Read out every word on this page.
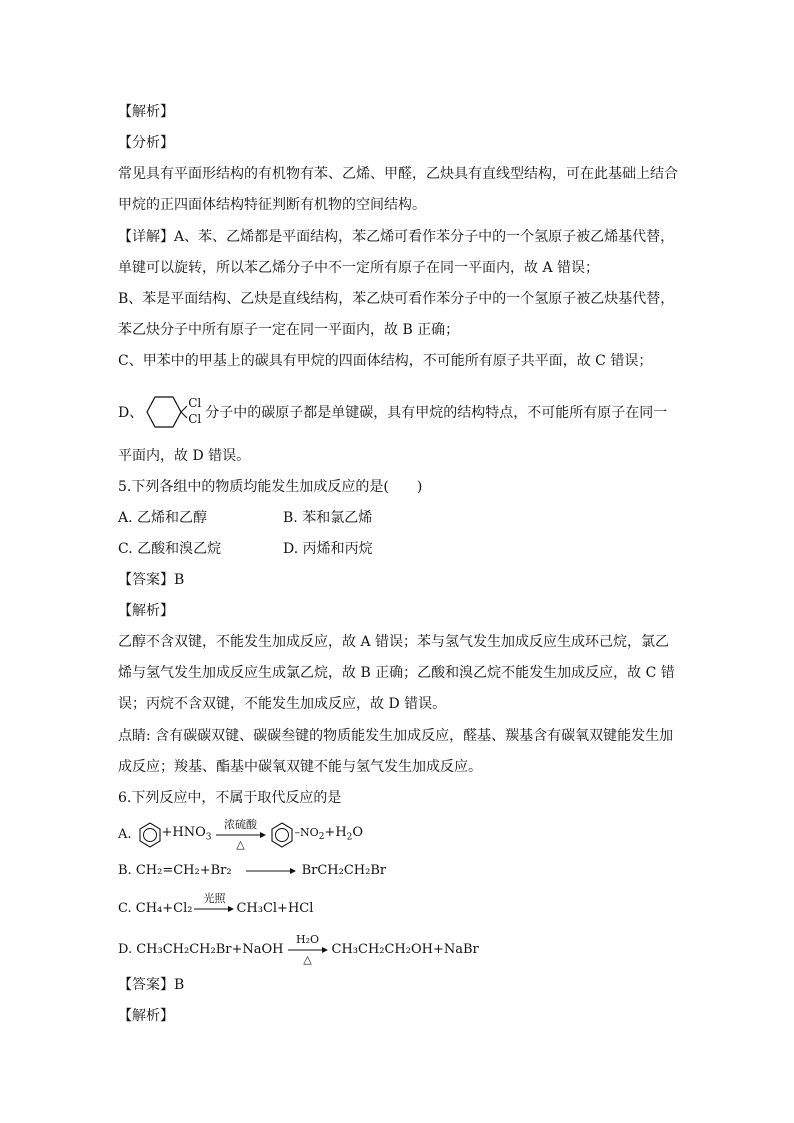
【解析】
【分析】
常见具有平面形结构的有机物有苯、乙烯、甲醛，乙炔具有直线型结构，可在此基础上结合
甲烷的正四面体结构特征判断有机物的空间结构。
【详解】A、苯、乙烯都是平面结构，苯乙烯可看作苯分子中的一个氢原子被乙烯基代替，
单键可以旋转，所以苯乙烯分子中不一定所有原子在同一平面内，故 A 错误；
B、苯是平面结构、乙炔是直线结构，苯乙炔可看作苯分子中的一个氢原子被乙炔基代替，
苯乙炔分子中所有原子一定在同一平面内，故 B 正确；
C、甲苯中的甲基上的碳具有甲烷的四面体结构，不可能所有原子共平面，故 C 错误；
D、
Cl
Cl 分子中的碳原子都是单键碳，具有甲烷的结构特点，不可能所有原子在同一
平面内，故 D 错误。
5.下列各组中的物质均能发生加成反应的是(　　)
A. 乙烯和乙醇	B. 苯和氯乙烯
C. 乙酸和溴乙烷	D. 丙烯和丙烷
【答案】B
【解析】
乙醇不含双键，不能发生加成反应，故 A 错误；苯与氢气发生加成反应生成环己烷，氯乙
烯与氢气发生加成反应生成氯乙烷，故 B 正确；乙酸和溴乙烷不能发生加成反应，故 C 错
误；丙烷不含双键，不能发生加成反应，故 D 错误。
点睛: 含有碳碳双键、碳碳叁键的物质能发生加成反应，醛基、羰基含有碳氧双键能发生加
成反应；羧基、酯基中碳氧双键不能与氢气发生加成反应。
6.下列反应中，不属于取代反应的是
A. $+HNO_3$
浓硫酸
△
$-NO_2 +H_2O$
B. CH₂=CH₂+Br₂	BrCH₂CH₂Br
C. CH₄+Cl₂
光照
CH₃Cl+HCl
D. CH₃CH₂CH₂Br+NaOH
H₂O
△
CH₃CH₂CH₂OH+NaBr
【答案】B
【解析】
